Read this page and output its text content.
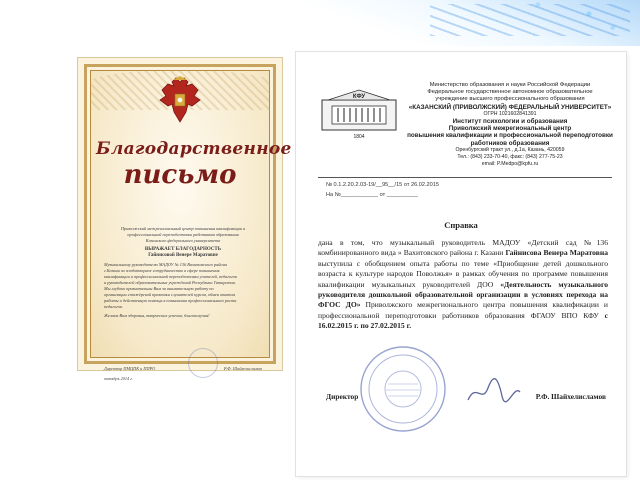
Благодарственное
письмо

Приволжский межрегиональный центр повышения квалификации и
профессиональной переподготовки работников образования
Казанского федерального университета

ВЫРАЖАЕТ БЛАГОДАРНОСТЬ
Гайнисовой Венере Маратовне

Музыкальному руководителю МАДОУ № 136 Вахитовского района
г.Казани за плодотворное сотрудничество в сфере повышения
квалификации и профессиональной переподготовки учителей, педагогов
и руководителей образовательных учреждений Республики Татарстан.
Мы глубоко признательны Вам за внимательную работу по
организации стажёрской практики слушателей курсов, обмен опытом
работы и действенную помощь в повышении профессионального роста
педагогов.

Желаем Вам здоровья, творческих успехов, благополучия!

Директор ПМЦПК и ППРО	Р.Ф. Шайхелисламов
октябрь 2014 г.
КФУ
1804
Министерство образования и науки Российской Федерации
Федеральное государственное автономное образовательное
учреждение высшего профессионального образования
«КАЗАНСКИЙ (ПРИВОЛЖСКИЙ) ФЕДЕРАЛЬНЫЙ УНИВЕРСИТЕТ»
ОГРН 1021602841391
Институт психологии и образования
Приволжский межрегиональный центр
повышения квалификации и профессиональной переподготовки
работников образования
Оренбургский тракт ул., д.1а, Казань, 420059
Тел.: (843) 233-70-40, факс: (843) 277-75-23
email: P.Medpo@kpfu.ru
№ 0.1.2.20.2.03-19/__95__/15 от 26.02.2015
На №____________ от __________
Справка
дана в том, что музыкальный руководитель МАДОУ «Детский сад №136 комбинированного вида » Вахитовского района г. Казани Гайнисова Венера Маратовна выступила с обобщением опыта работы по теме «Приобщение детей дошкольного возраста к культуре народов Поволжья» в рамках обучения по программе повышения квалификации музыкальных руководителей ДОО «Деятельность музыкального руководителя дошкольной образовательной организации в условиях перехода на ФГОС ДО» Приволжского межрегионального центра повышения квалификации и профессиональной переподготовки работников образования ФГАОУ ВПО КФУ с 16.02.2015 г. по 27.02.2015 г.
Директор	Р.Ф. Шайхелисламов
